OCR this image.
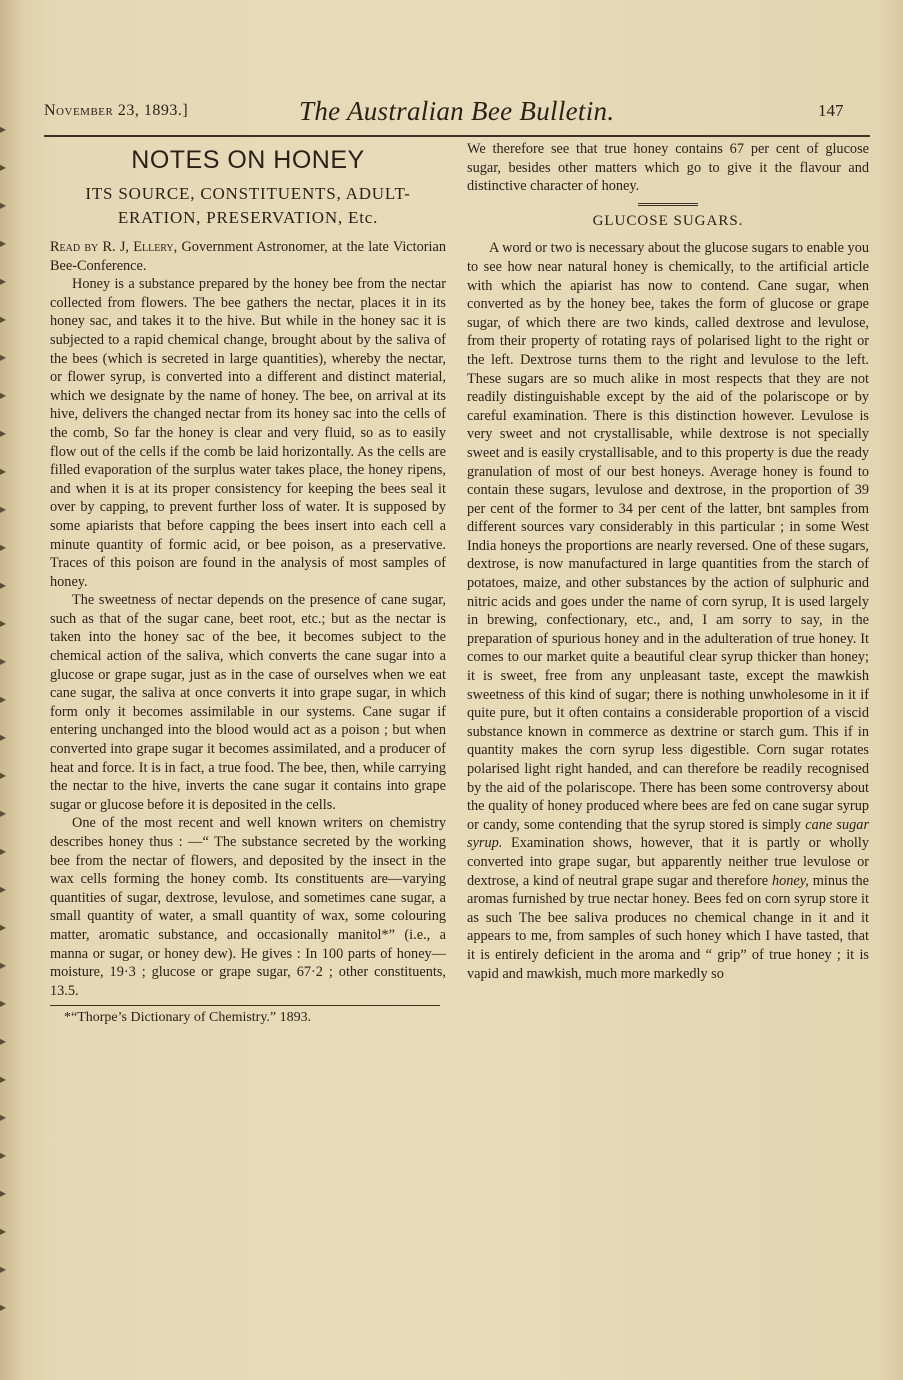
▸
▸
▸
▸
▸
▸
▸
▸
▸
▸
▸
▸
▸
▸
▸
▸
▸
▸
▸
▸
▸
▸
▸
▸
▸
▸
▸
▸
▸
▸
▸
▸
November 23, 1893.]	The Australian Bee Bulletin.	147
NOTES ON HONEY
ITS SOURCE, CONSTITUENTS, ADULT-
ERATION, PRESERVATION, Etc.

Read by R. J, Ellery, Government Astronomer, at the late Victorian Bee-Conference.

Honey is a substance prepared by the honey bee from the nectar collected from flowers. The bee gathers the nectar, places it in its honey sac, and takes it to the hive. But while in the honey sac it is subjected to a rapid chemical change, brought about by the saliva of the bees (which is secreted in large quantities), whereby the nectar, or flower syrup, is converted into a different and distinct material, which we designate by the name of honey. The bee, on arrival at its hive, delivers the changed nectar from its honey sac into the cells of the comb, So far the honey is clear and very fluid, so as to easily flow out of the cells if the comb be laid horizontally. As the cells are filled evaporation of the surplus water takes place, the honey ripens, and when it is at its proper consistency for keeping the bees seal it over by capping, to prevent further loss of water. It is supposed by some apiarists that before capping the bees insert into each cell a minute quantity of formic acid, or bee poison, as a preservative. Traces of this poison are found in the analysis of most samples of honey.

The sweetness of nectar depends on the presence of cane sugar, such as that of the sugar cane, beet root, etc.; but as the nectar is taken into the honey sac of the bee, it becomes subject to the chemical action of the saliva, which converts the cane sugar into a glucose or grape sugar, just as in the case of ourselves when we eat cane sugar, the saliva at once converts it into grape sugar, in which form only it becomes assimilable in our systems. Cane sugar if entering unchanged into the blood would act as a poison ; but when converted into grape sugar it becomes assimilated, and a producer of heat and force. It is in fact, a true food. The bee, then, while carrying the nectar to the hive, inverts the cane sugar it contains into grape sugar or glucose before it is deposited in the cells.

One of the most recent and well known writers on chemistry describes honey thus : —“ The substance secreted by the working bee from the nectar of flowers, and deposited by the insect in the wax cells forming the honey comb. Its constituents are—varying quantities of sugar, dextrose, levulose, and sometimes cane sugar, a small quantity of water, a small quantity of wax, some colouring matter, aromatic substance, and occasionally manitol*” (i.e., a manna or sugar, or honey dew). He gives : In 100 parts of honey—moisture, 19·3 ; glucose or grape sugar, 67·2 ; other constituents, 13.5.

*“Thorpe’s Dictionary of Chemistry.” 1893.

We therefore see that true honey contains 67 per cent of glucose sugar, besides other matters which go to give it the flavour and distinctive character of honey.

GLUCOSE SUGARS.

A word or two is necessary about the glucose sugars to enable you to see how near natural honey is chemically, to the artificial article with which the apiarist has now to contend. Cane sugar, when converted as by the honey bee, takes the form of glucose or grape sugar, of which there are two kinds, called dextrose and levulose, from their property of rotating rays of polarised light to the right or the left. Dextrose turns them to the right and levulose to the left. These sugars are so much alike in most respects that they are not readily distinguishable except by the aid of the polariscope or by careful examination. There is this distinction however. Levulose is very sweet and not crystallisable, while dextrose is not specially sweet and is easily crystallisable, and to this property is due the ready granulation of most of our best honeys. Average honey is found to contain these sugars, levulose and dextrose, in the proportion of 39 per cent of the former to 34 per cent of the latter, bnt samples from different sources vary considerably in this particular ; in some West India honeys the proportions are nearly reversed. One of these sugars, dextrose, is now manufactured in large quantities from the starch of potatoes, maize, and other substances by the action of sulphuric and nitric acids and goes under the name of corn syrup, It is used largely in brewing, confectionary, etc., and, I am sorry to say, in the preparation of spurious honey and in the adulteration of true honey. It comes to our market quite a beautiful clear syrup thicker than honey; it is sweet, free from any unpleasant taste, except the mawkish sweetness of this kind of sugar; there is nothing unwholesome in it if quite pure, but it often contains a considerable proportion of a viscid substance known in commerce as dextrine or starch gum. This if in quantity makes the corn syrup less digestible. Corn sugar rotates polarised light right handed, and can therefore be readily recognised by the aid of the polariscope. There has been some controversy about the quality of honey produced where bees are fed on cane sugar syrup or candy, some contending that the syrup stored is simply cane sugar syrup. Examination shows, however, that it is partly or wholly converted into grape sugar, but apparently neither true levulose or dextrose, a kind of neutral grape sugar and therefore honey, minus the aromas furnished by true nectar honey. Bees fed on corn syrup store it as such The bee saliva produces no chemical change in it and it appears to me, from samples of such honey which I have tasted, that it is entirely deficient in the aroma and “ grip” of true honey ; it is vapid and mawkish, much more markedly so
